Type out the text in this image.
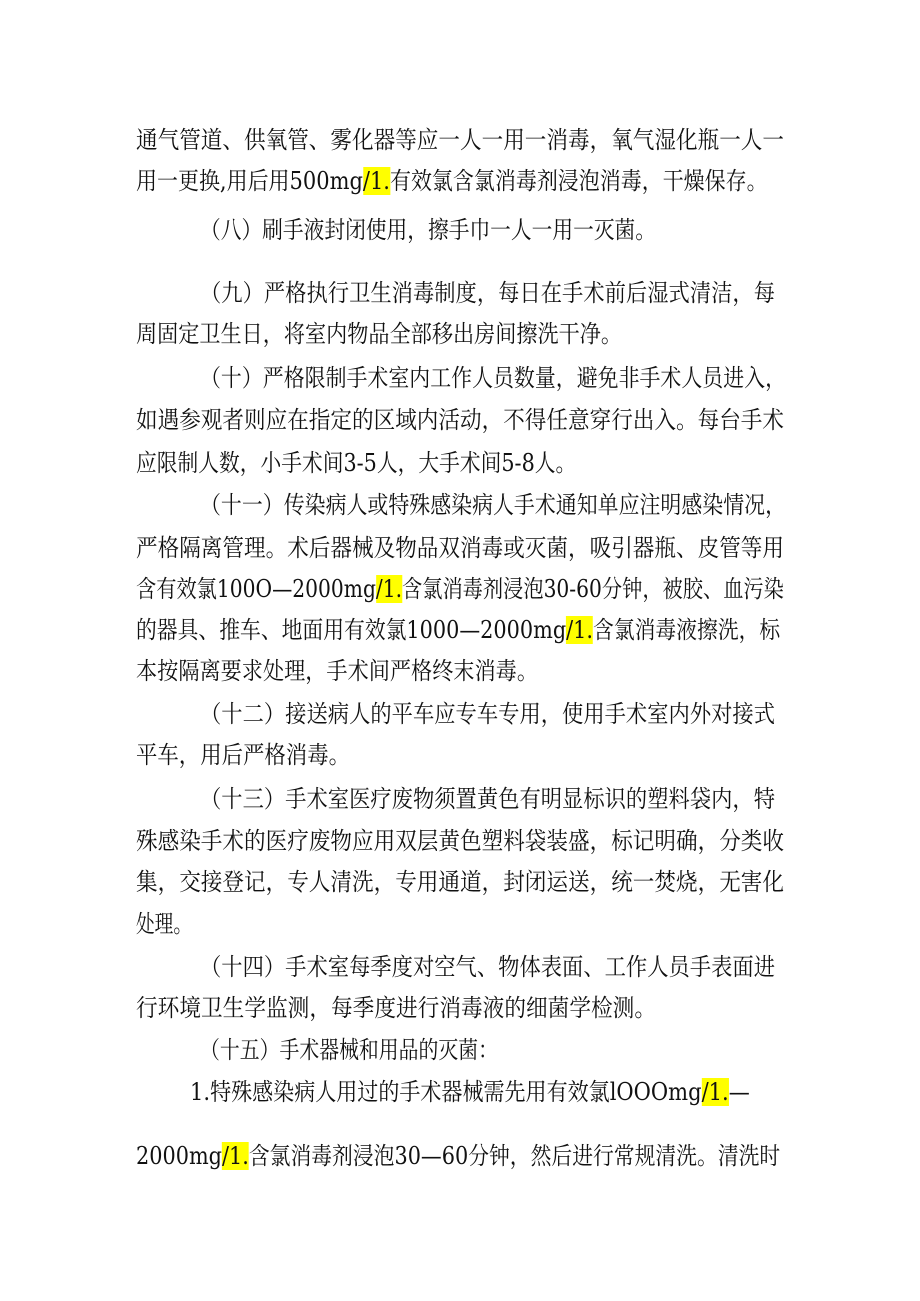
通气管道、供氧管、雾化器等应一人一用一消毒，氧气湿化瓶一人一
用一更换,用后用500mg/1.有效氯含氯消毒剂浸泡消毒，干燥保存。
（八）刷手液封闭使用，擦手巾一人一用一灭菌。
（九）严格执行卫生消毒制度，每日在手术前后湿式清洁，每
周固定卫生日，将室内物品全部移出房间擦洗干净。
（十）严格限制手术室内工作人员数量，避免非手术人员进入，
如遇参观者则应在指定的区域内活动，不得任意穿行出入。每台手术
应限制人数，小手术间3-5人，大手术间5-8人。
（十一）传染病人或特殊感染病人手术通知单应注明感染情况，
严格隔离管理。术后器械及物品双消毒或灭菌，吸引器瓶、皮管等用
含有效氯100O—2000mg/1.含氯消毒剂浸泡30-60分钟，被胶、血污染
的器具、推车、地面用有效氯1000—2000mg/1.含氯消毒液擦洗，标
本按隔离要求处理，手术间严格终末消毒。
（十二）接送病人的平车应专车专用，使用手术室内外对接式
平车，用后严格消毒。
（十三）手术室医疗废物须置黄色有明显标识的塑料袋内，特
殊感染手术的医疗废物应用双层黄色塑料袋装盛，标记明确，分类收
集，交接登记，专人清洗，专用通道，封闭运送，统一焚烧，无害化
处理。
（十四）手术室每季度对空气、物体表面、工作人员手表面进
行环境卫生学监测，每季度进行消毒液的细菌学检测。
（十五）手术器械和用品的灭菌：
1.特殊感染病人用过的手术器械需先用有效氯lOOOmg/1.—
2000mg/1.含氯消毒剂浸泡30—60分钟，然后进行常规清洗。清洗时
